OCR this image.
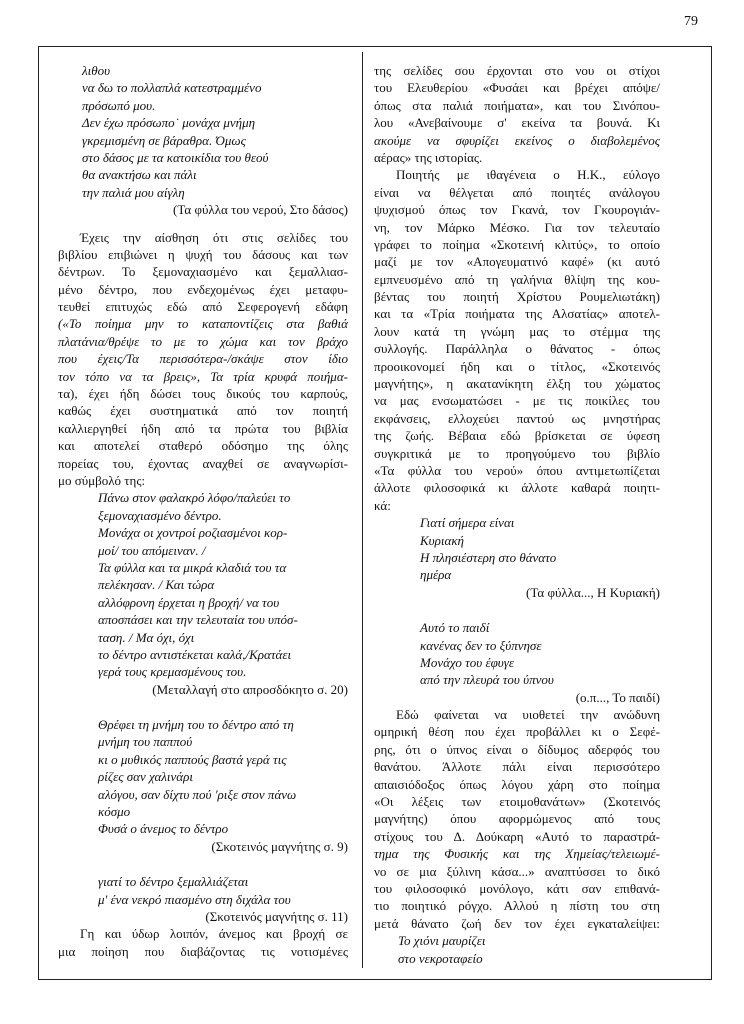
79
λιθου
να δω το πολλαπλά κατεστραμμένο
πρόσωπό μου.
Δεν έχω πρόσωπο˙ μονάχα μνήμη
γκρεμισμένη σε βάραθρα. Όμως
στο δάσος με τα κατοικίδια του θεού
θα ανακτήσω και πάλι
την παλιά μου αίγλη
(Τα φύλλα του νερού, Στο δάσος)
Έχεις την αίσθηση ότι στις σελίδες του
βιβλίου επιβιώνει η ψυχή του δάσους και των
δέντρων. Το ξεμοναχιασμένο και ξεμαλλιασ-
μένο δέντρο, που ενδεχομένως έχει μεταφυ-
τευθεί επιτυχώς εδώ από Σεφερογενή εδάφη
(«Το ποίημα μην το καταποντίζεις στα βαθιά
πλατάνια/θρέψε το με το χώμα και τον βράχο
που έχεις/Τα περισσότερα-/σκάψε στον ίδιο
τον τόπο να τα βρεις», Τα τρία κρυφά ποιήμα-
τα), έχει ήδη δώσει τους δικούς του καρπούς,
καθώς έχει συστηματικά από τον ποιητή
καλλιεργηθεί ήδη από τα πρώτα του βιβλία
και αποτελεί σταθερό οδόσημο της όλης
πορείας του, έχοντας αναχθεί σε αναγνωρίσι-
μο σύμβολό της:
Πάνω στον φαλακρό λόφο/παλεύει το
ξεμοναχιασμένο δέντρο.
Μονάχα οι χοντροί ροζιασμένοι κορ-
μοί/ του απόμειναν. /
Τα φύλλα και τα μικρά κλαδιά του τα
πελέκησαν. / Και τώρα
αλλόφρονη έρχεται η βροχή/ να του
αποσπάσει και την τελευταία του υπόσ-
ταση. / Μα όχι, όχι
το δέντρο αντιστέκεται καλά,/Κρατάει
γερά τους κρεμασμένους του.
(Μεταλλαγή στο απροσδόκητο σ. 20)
Θρέφει τη μνήμη του το δέντρο από τη
μνήμη του παππού
κι ο μυθικός παππούς βαστά γερά τις
ρίζες σαν χαλινάρι
αλόγου, σαν δίχτυ πού 'ριξε στον πάνω
κόσμο
Φυσά ο άνεμος το δέντρο
(Σκοτεινός μαγνήτης σ. 9)
γιατί το δέντρο ξεμαλλιάζεται
μ' ένα νεκρό πιασμένο στη διχάλα του
(Σκοτεινός μαγνήτης σ. 11)
Γη και ύδωρ λοιπόν, άνεμος και βροχή σε
μια ποίηση που διαβάζοντας τις νοτισμένες
της σελίδες σου έρχονται στο νου οι στίχοι
του Ελευθερίου «Φυσάει και βρέχει απόψε/
όπως στα παλιά ποιήματα», και του Σινόπου-
λου «Ανεβαίνουμε σ' εκείνα τα βουνά. Κι
ακούμε να σφυρίζει εκείνος ο διαβολεμένος
αέρας» της ιστορίας.
Ποιητής με ιθαγένεια ο Η.Κ., εύλογο
είναι να θέλγεται από ποιητές ανάλογου
ψυχισμού όπως τον Γκανά, τον Γκουρογιάν-
νη, τον Μάρκο Μέσκο. Για τον τελευταίο
γράφει το ποίημα «Σκοτεινή κλιτύς», το οποίο
μαζί με τον «Απογευματινό καφέ» (κι αυτό
εμπνευσμένο από τη γαλήνια θλίψη της κου-
βέντας του ποιητή Χρίστου Ρουμελιωτάκη)
και τα «Τρία ποιήματα της Αλσατίας» αποτελ-
λουν κατά τη γνώμη μας το στέμμα της
συλλογής. Παράλληλα ο θάνατος - όπως
προοικονομεί ήδη και ο τίτλος, «Σκοτεινός
μαγνήτης», η ακατανίκητη έλξη του χώματος
να μας ενσωματώσει - με τις ποικίλες του
εκφάνσεις, ελλοχεύει παντού ως μνηστήρας
της ζωής. Βέβαια εδώ βρίσκεται σε ύφεση
συγκριτικά με το προηγούμενο του βιβλίο
«Τα φύλλα του νερού» όπου αντιμετωπίζεται
άλλοτε φιλοσοφικά κι άλλοτε καθαρά ποιητι-
κά:
Γιατί σήμερα είναι
Κυριακή
Η πλησιέστερη στο θάνατο
ημέρα
(Τα φύλλα..., Η Κυριακή)
Αυτό το παιδί
κανένας δεν το ξύπνησε
Μονάχο του έφυγε
από την πλευρά του ύπνου
(ο.π..., Το παιδί)
Εδώ φαίνεται να υιοθετεί την ανώδυνη
ομηρική θέση που έχει προβάλλει κι ο Σεφέ-
ρης, ότι ο ύπνος είναι ο δίδυμος αδερφός του
θανάτου. Άλλοτε πάλι είναι περισσότερο
απαισιόδοξος όπως λόγου χάρη στο ποίημα
«Οι λέξεις των ετοιμοθανάτων» (Σκοτεινός
μαγνήτης) όπου αφορμώμενος από τους
στίχους του Δ. Δούκαρη «Αυτό το παραστρά-
τημα της Φυσικής και της Χημείας/τελειωμέ-
νο σε μια ξύλινη κάσα...» αναπτύσσει το δικό
του φιλοσοφικό μονόλογο, κάτι σαν επιθανά-
τιο ποιητικό ρόγχο. Αλλού η πίστη του στη
μετά θάνατο ζωή δεν τον έχει εγκαταλείψει:
Το χιόνι μαυρίζει
στο νεκροταφείο
